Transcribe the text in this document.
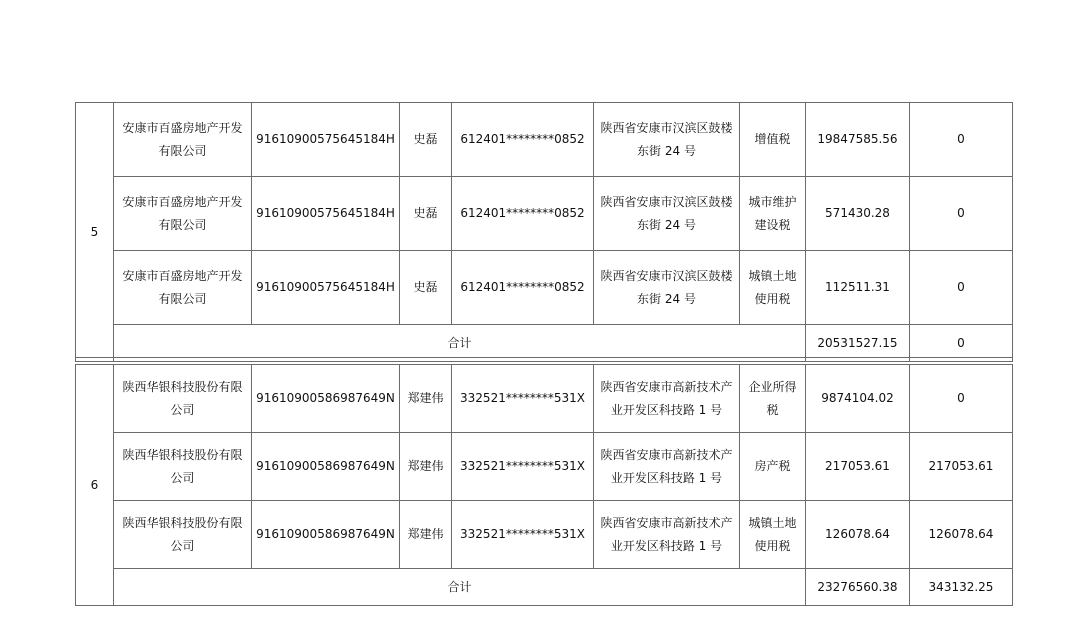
5	安康市百盛房地产开发有限公司	91610900575645184H	史磊	612401********0852	陕西省安康市汉滨区鼓楼东街 24 号	增值税	19847585.56	0
	安康市百盛房地产开发有限公司	91610900575645184H	史磊	612401********0852	陕西省安康市汉滨区鼓楼东街 24 号	城市维护建设税	571430.28	0
	安康市百盛房地产开发有限公司	91610900575645184H	史磊	612401********0852	陕西省安康市汉滨区鼓楼东街 24 号	城镇土地使用税	112511.31	0
	合计						20531527.15	0
6	陕西华银科技股份有限公司	91610900586987649N	郑建伟	332521********531X	陕西省安康市高新技术产业开发区科技路 1 号	企业所得税	9874104.02	0
	陕西华银科技股份有限公司	91610900586987649N	郑建伟	332521********531X	陕西省安康市高新技术产业开发区科技路 1 号	房产税	217053.61	217053.61
	陕西华银科技股份有限公司	91610900586987649N	郑建伟	332521********531X	陕西省安康市高新技术产业开发区科技路 1 号	城镇土地使用税	126078.64	126078.64
	合计						23276560.38	343132.25
